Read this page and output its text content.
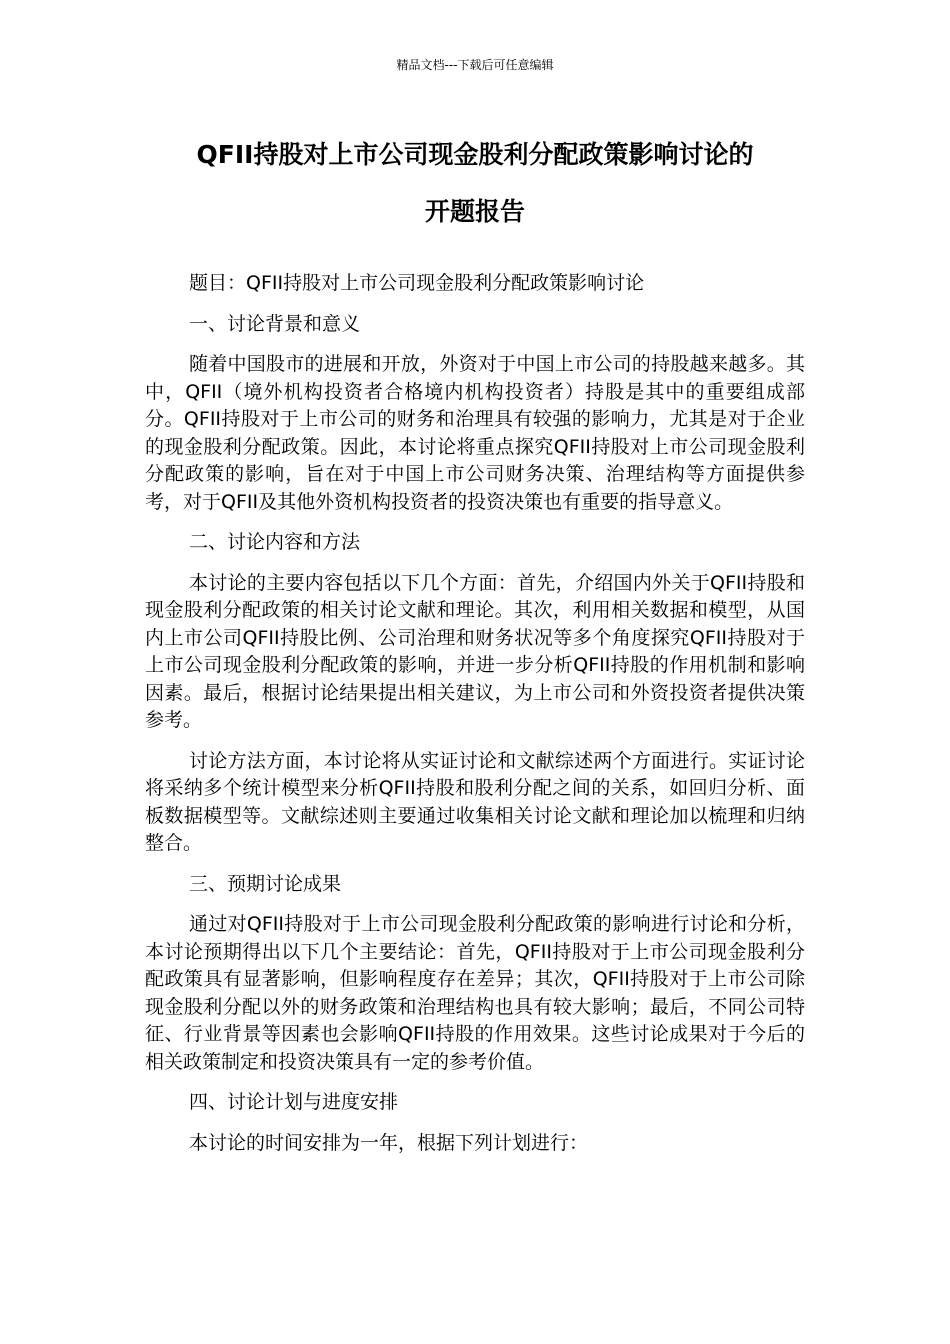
精品文档---下载后可任意编辑
QFII持股对上市公司现金股利分配政策影响讨论的
开题报告

题目：QFII持股对上市公司现金股利分配政策影响讨论

一、讨论背景和意义

随着中国股市的进展和开放，外资对于中国上市公司的持股越来越多。其中，QFII（境外机构投资者合格境内机构投资者）持股是其中的重要组成部分。QFII持股对于上市公司的财务和治理具有较强的影响力，尤其是对于企业的现金股利分配政策。因此，本讨论将重点探究QFII持股对上市公司现金股利分配政策的影响，旨在对于中国上市公司财务决策、治理结构等方面提供参考，对于QFII及其他外资机构投资者的投资决策也有重要的指导意义。

二、讨论内容和方法

本讨论的主要内容包括以下几个方面：首先，介绍国内外关于QFII持股和现金股利分配政策的相关讨论文献和理论。其次，利用相关数据和模型，从国内上市公司QFII持股比例、公司治理和财务状况等多个角度探究QFII持股对于上市公司现金股利分配政策的影响，并进一步分析QFII持股的作用机制和影响因素。最后，根据讨论结果提出相关建议，为上市公司和外资投资者提供决策参考。

讨论方法方面，本讨论将从实证讨论和文献综述两个方面进行。实证讨论将采纳多个统计模型来分析QFII持股和股利分配之间的关系，如回归分析、面板数据模型等。文献综述则主要通过收集相关讨论文献和理论加以梳理和归纳整合。

三、预期讨论成果

通过对QFII持股对于上市公司现金股利分配政策的影响进行讨论和分析，本讨论预期得出以下几个主要结论：首先，QFII持股对于上市公司现金股利分配政策具有显著影响，但影响程度存在差异；其次，QFII持股对于上市公司除现金股利分配以外的财务政策和治理结构也具有较大影响；最后，不同公司特征、行业背景等因素也会影响QFII持股的作用效果。这些讨论成果对于今后的相关政策制定和投资决策具有一定的参考价值。

四、讨论计划与进度安排

本讨论的时间安排为一年，根据下列计划进行：
